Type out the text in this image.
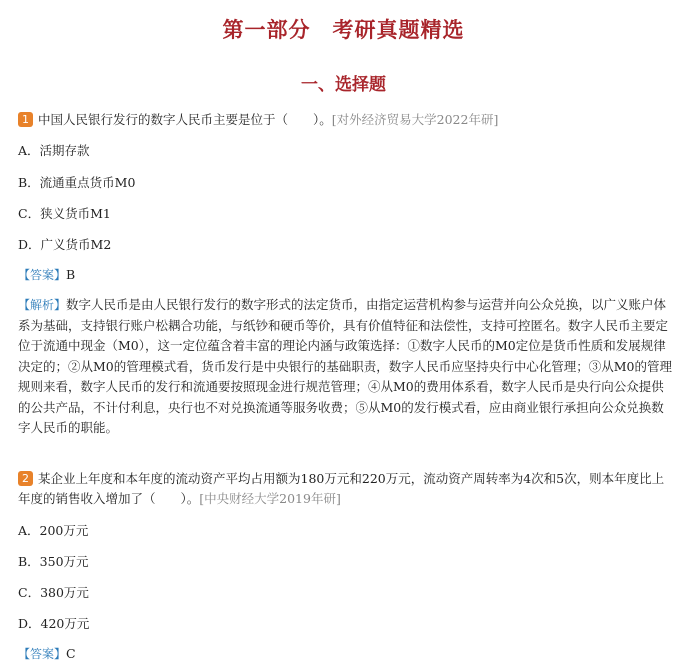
第一部分　考研真题精选
一、选择题
1 中国人民银行发行的数字人民币主要是位于（　　）。[对外经济贸易大学2022年研]
A．活期存款
B．流通重点货币M0
C．狭义货币M1
D．广义货币M2
【答案】B
【解析】数字人民币是由人民银行发行的数字形式的法定货币，由指定运营机构参与运营并向公众兑换，以广义账户体系为基础，支持银行账户松耦合功能，与纸钞和硬币等价，具有价值特征和法偿性，支持可控匿名。数字人民币主要定位于流通中现金（M0），这一定位蕴含着丰富的理论内涵与政策选择：①数字人民币的M0定位是货币性质和发展规律决定的；②从M0的管理模式看，货币发行是中央银行的基础职责，数字人民币应坚持央行中心化管理；③从M0的管理规则来看，数字人民币的发行和流通要按照现金进行规范管理；④从M0的费用体系看，数字人民币是央行向公众提供的公共产品，不计付利息，央行也不对兑换流通等服务收费；⑤从M0的发行模式看，应由商业银行承担向公众兑换数字人民币的职能。
2 某企业上年度和本年度的流动资产平均占用额为180万元和220万元，流动资产周转率为4次和5次，则本年度比上年度的销售收入增加了（　　）。[中央财经大学2019年研]
A．200万元
B．350万元
C．380万元
D．420万元
【答案】C
